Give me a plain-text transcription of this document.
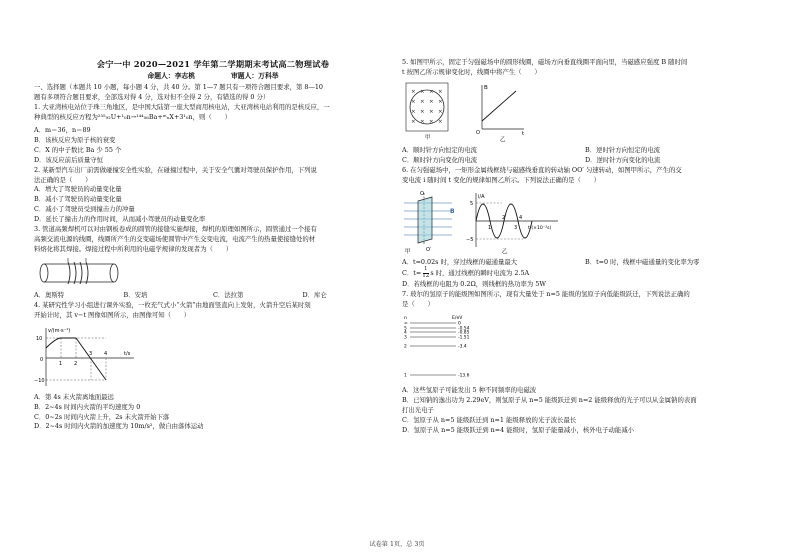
会宁一中 2020—2021 学年第二学期期末考试高二物理试卷

命题人：李志桃	审题人：万科举

一、选择题（本题共 10 小题，每小题 4 分，共 40 分。第 1—7 题只有一项符合题目要求，第 8—10

题有多项符合题目要求，全部选对得 4 分，选对但不全得 2 分，有错选的得 0 分）

1. 大亚湾核电站位于珠三角地区，是中国大陆第一座大型商用核电站，大亚湾核电站利用的是核反应，一

种典型的核反应方程为²³⁵₉₂U+¹₀n→¹⁴⁴₅₆Ba+ᵐₙX+3¹₀n，则（　　）

A．m＝36，n＝89

B．该核反应为原子核的衰变

C．X 的中子数比 Ba 少 55 个

D．该反应前后质量守恒

2. 某新型汽车出厂前需做碰撞安全性实验，在碰撞过程中，关于安全气囊对驾驶员保护作用，下列说

法正确的是（　　）

A．增大了驾驶员的动量变化量

B．减小了驾驶员的动量变化量

C．减小了驾驶员受到撞击力的冲量

D．延长了撞击力的作用时间，从而减小驾驶员的动量变化率

3. 管道高频焊机可以对由钢板卷成的圆管的接缝实施焊接，焊机的原理如图所示，圆管通过一个接有

高频交流电源的线圈，线圈所产生的交变磁场使圆管中产生交变电流，电流产生的热量使接缝处的材

料熔化将其焊接。焊接过程中所利用的电磁学规律的发现者为（　　）

A．奥斯特	B．安培	C．法拉第	D．库仑

4. 某研究性学习小组进行课外实验，一枚充气式小“火箭”由地面竖直向上发射，火箭升空后某时刻

开始计时，其 v−t 图像如图所示，由图像可知（　　）

v/(m·s⁻¹)
t/s
10
0
−10
1 2
3 4

A．第 4s 末火箭离地面最远

B．2~4s 时间内火箭的平均速度为 0

C．0~2s 时间内火箭上升，2s 末火箭开始下落

D．2~4s 时间内火箭的加速度为 10m/s²，做自由落体运动

5. 如图甲所示，固定于匀强磁场中的圆形线圈，磁场方向垂直线圈平面向里，当磁感应强度 B 随时间

t 按图乙所示规律变化时，线圈中将产生（　　）

× × × ×
× × × ×
× × × ×
× × × ×
甲
B
t
O
乙

A．顺时针方向恒定的电流	B．逆时针方向恒定的电流

C．顺时针方向变化的电流	D．逆时针方向变化的电流

6. 在匀强磁场中，一矩形金属线框绕与磁感线垂直的转动轴 OO′ 匀速转动，如图甲所示，产生的交

变电流 i 随时间 t 变化的规律如图乙所示。下列说法正确的是（　　）

B
O
O′
甲
i/A
t/(×10⁻²s)
5
−5
1
2
3
4
乙

A．t=0.02s 时，穿过线框的磁通量最大	B．t=0 时，线框中磁通量的变化率为零

C．$t= \frac{1}{12}$ s 时，通过线框的瞬时电流为 2.5A

D．若线框的电阻为 0.2Ω，则线框的热功率为 5W

7. 玻尔的氢原子的能级图如图所示，现有大量处于 n=5 能级的氢原子向低能级跃迁，下列说法正确的

是（　　）

E/eV
n
∞	0
5	-0.54
4	-0.85
3	-1.51
2	-3.4
1	-13.6

A．这些氢原子可能发出 5 种不同频率的电磁波

B．已知钠的逸出功为 2.29eV，则氢原子从 n=5 能级跃迁到 n=2 能级释放的光子可以从金属钠的表面

打出光电子

C．氢原子从 n=5 能级跃迁到 n=1 能级释放的光子波长最长

D．氢原子从 n=5 能级跃迁到 n=4 能级时，氢原子能量减小，核外电子动能减小

试卷第 1页，总 3页
